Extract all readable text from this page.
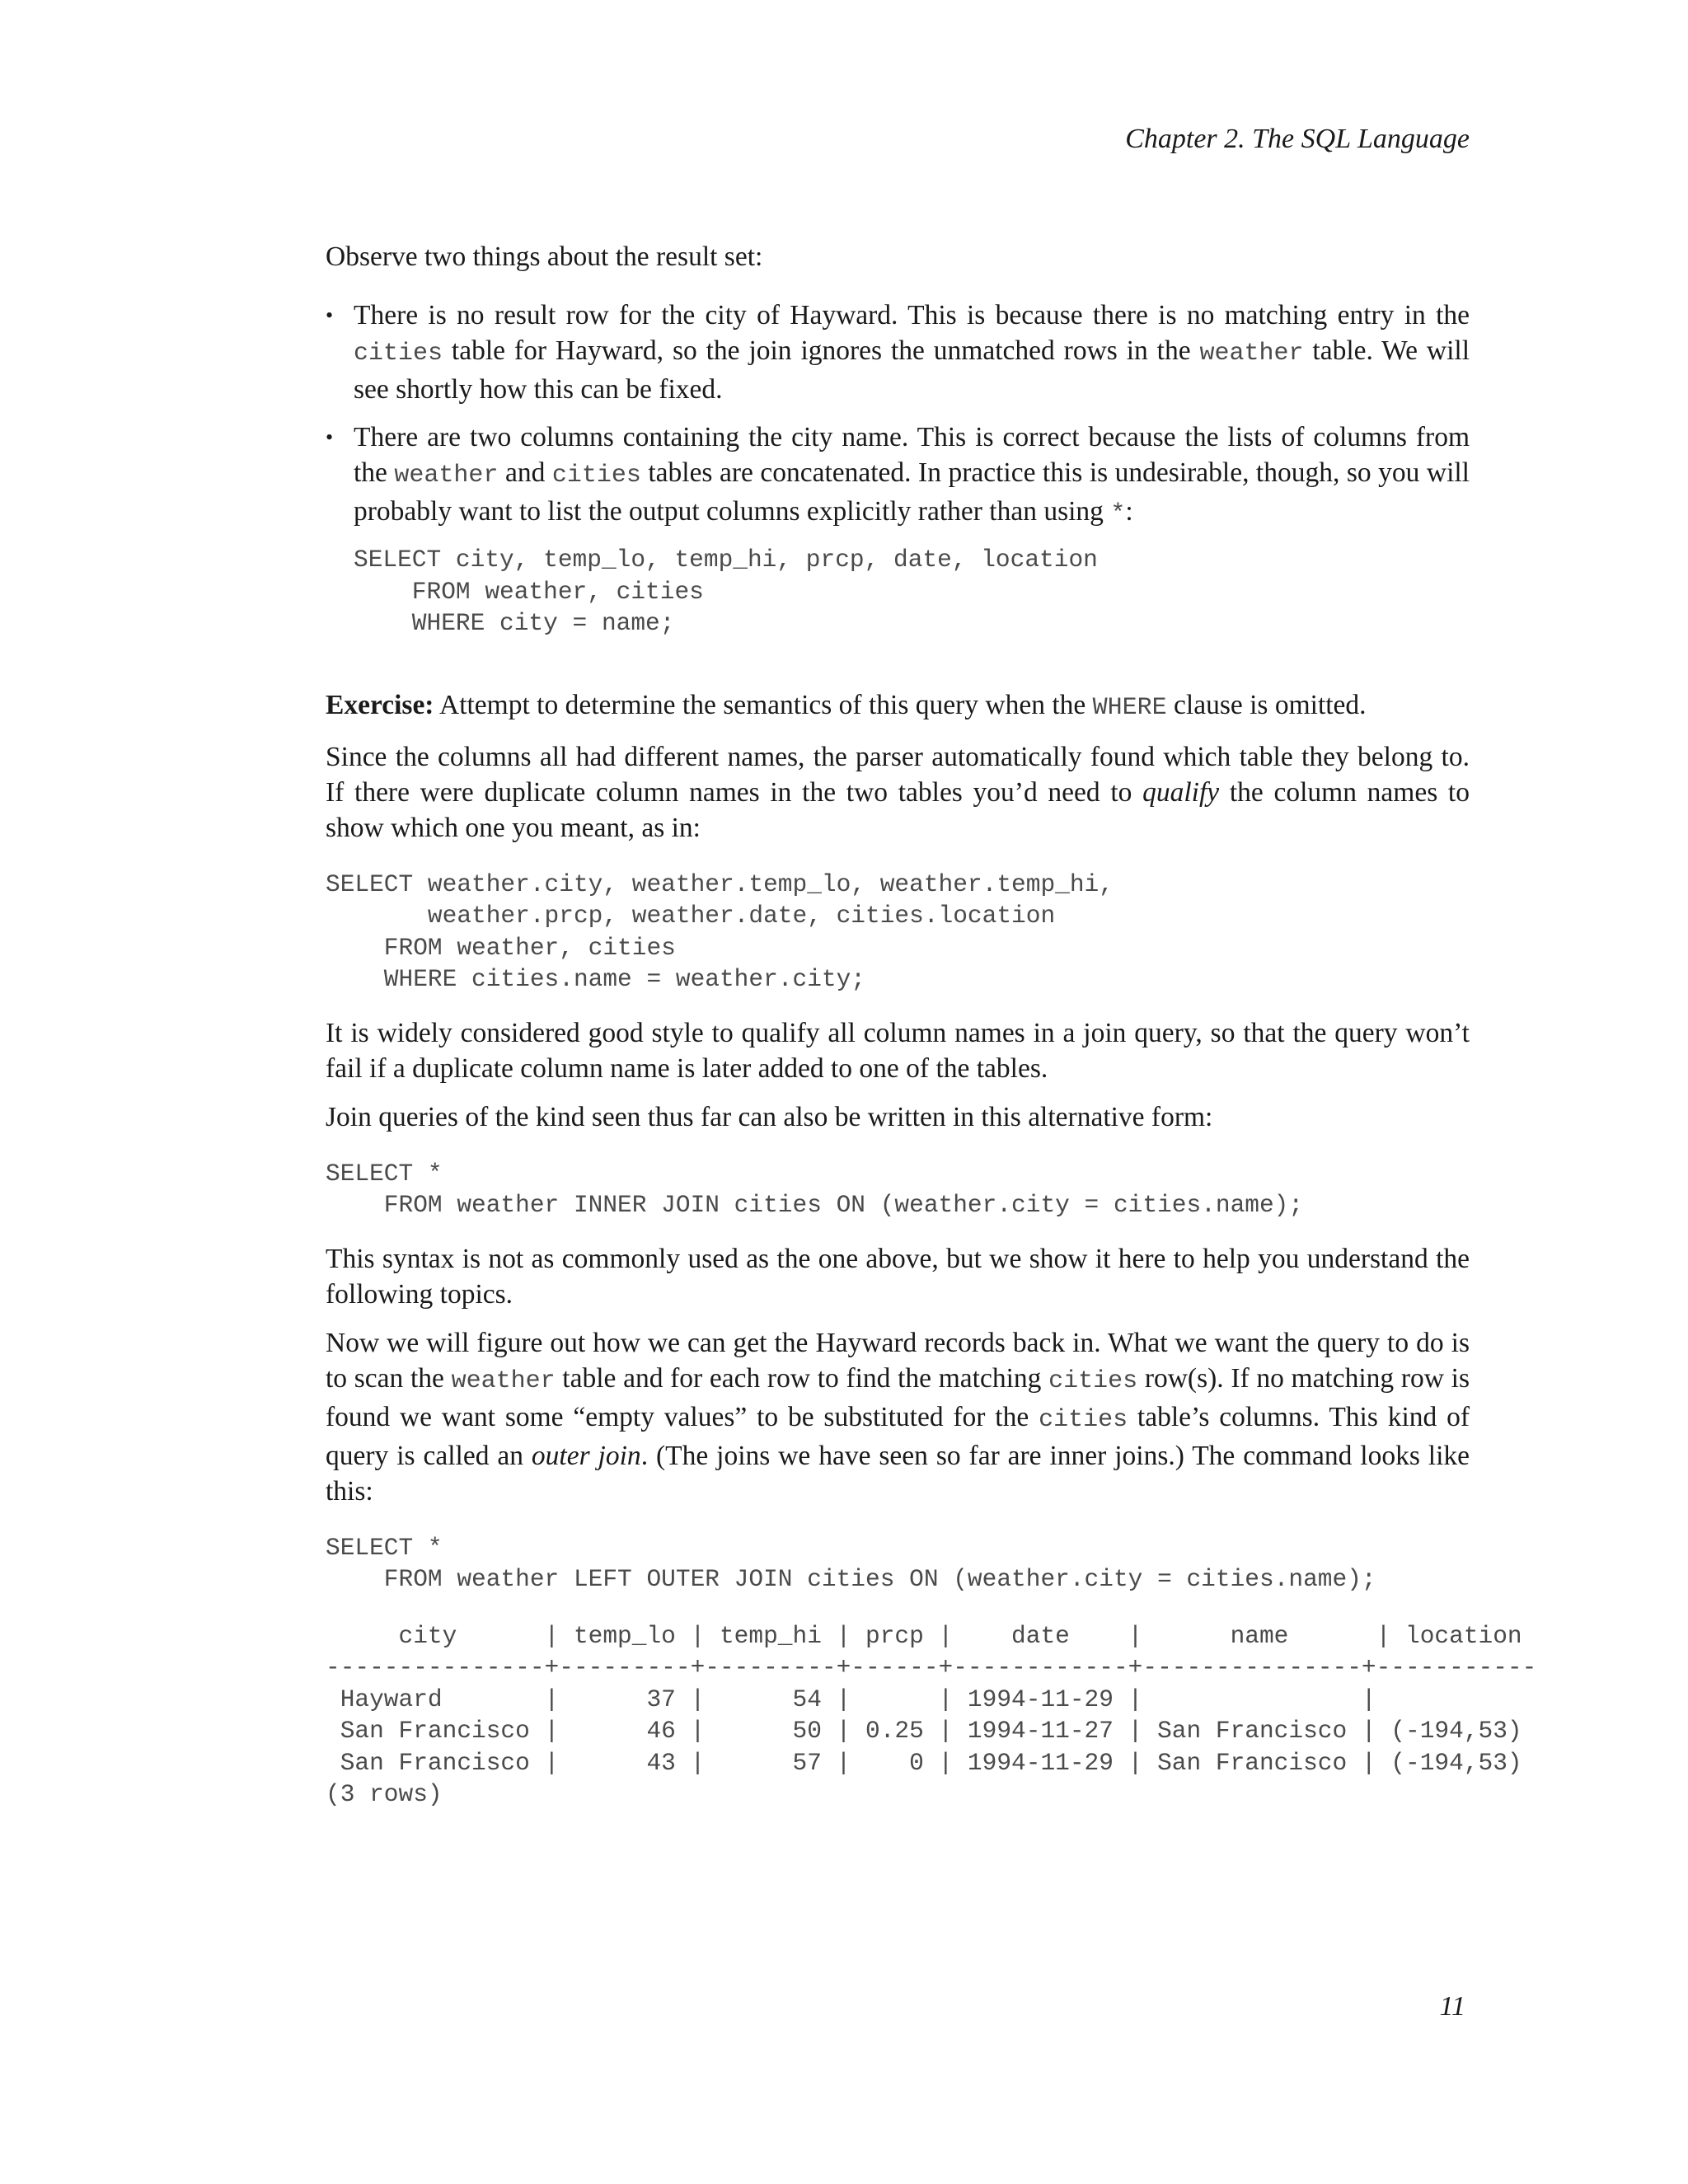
Chapter 2. The SQL Language

Observe two things about the result set:

• There is no result row for the city of Hayward. This is because there is no matching entry in the cities table for Hayward, so the join ignores the unmatched rows in the weather table. We will see shortly how this can be fixed.

• There are two columns containing the city name. This is correct because the lists of columns from the weather and cities tables are concatenated. In practice this is undesirable, though, so you will probably want to list the output columns explicitly rather than using *:

SELECT city, temp_lo, temp_hi, prcp, date, location
FROM weather, cities
WHERE city = name;

Exercise: Attempt to determine the semantics of this query when the WHERE clause is omitted.

Since the columns all had different names, the parser automatically found which table they belong to. If there were duplicate column names in the two tables you’d need to qualify the column names to show which one you meant, as in:

SELECT weather.city, weather.temp_lo, weather.temp_hi,
weather.prcp, weather.date, cities.location
FROM weather, cities
WHERE cities.name = weather.city;

It is widely considered good style to qualify all column names in a join query, so that the query won’t fail if a duplicate column name is later added to one of the tables.

Join queries of the kind seen thus far can also be written in this alternative form:

SELECT *
FROM weather INNER JOIN cities ON (weather.city = cities.name);

This syntax is not as commonly used as the one above, but we show it here to help you understand the following topics.

Now we will figure out how we can get the Hayward records back in. What we want the query to do is to scan the weather table and for each row to find the matching cities row(s). If no matching row is found we want some “empty values” to be substituted for the cities table’s columns. This kind of query is called an outer join. (The joins we have seen so far are inner joins.) The command looks like this:

SELECT *
FROM weather LEFT OUTER JOIN cities ON (weather.city = cities.name);
city      | temp_lo | temp_hi | prcp |    date    |      name      | location
---------------+---------+---------+------+------------+---------------+-----------
Hayward       |      37 |      54 |      | 1994-11-29 |               |
San Francisco |      46 |      50 | 0.25 | 1994-11-27 | San Francisco | (-194,53)
San Francisco |      43 |      57 |    0 | 1994-11-29 | San Francisco | (-194,53)
(3 rows)
11
